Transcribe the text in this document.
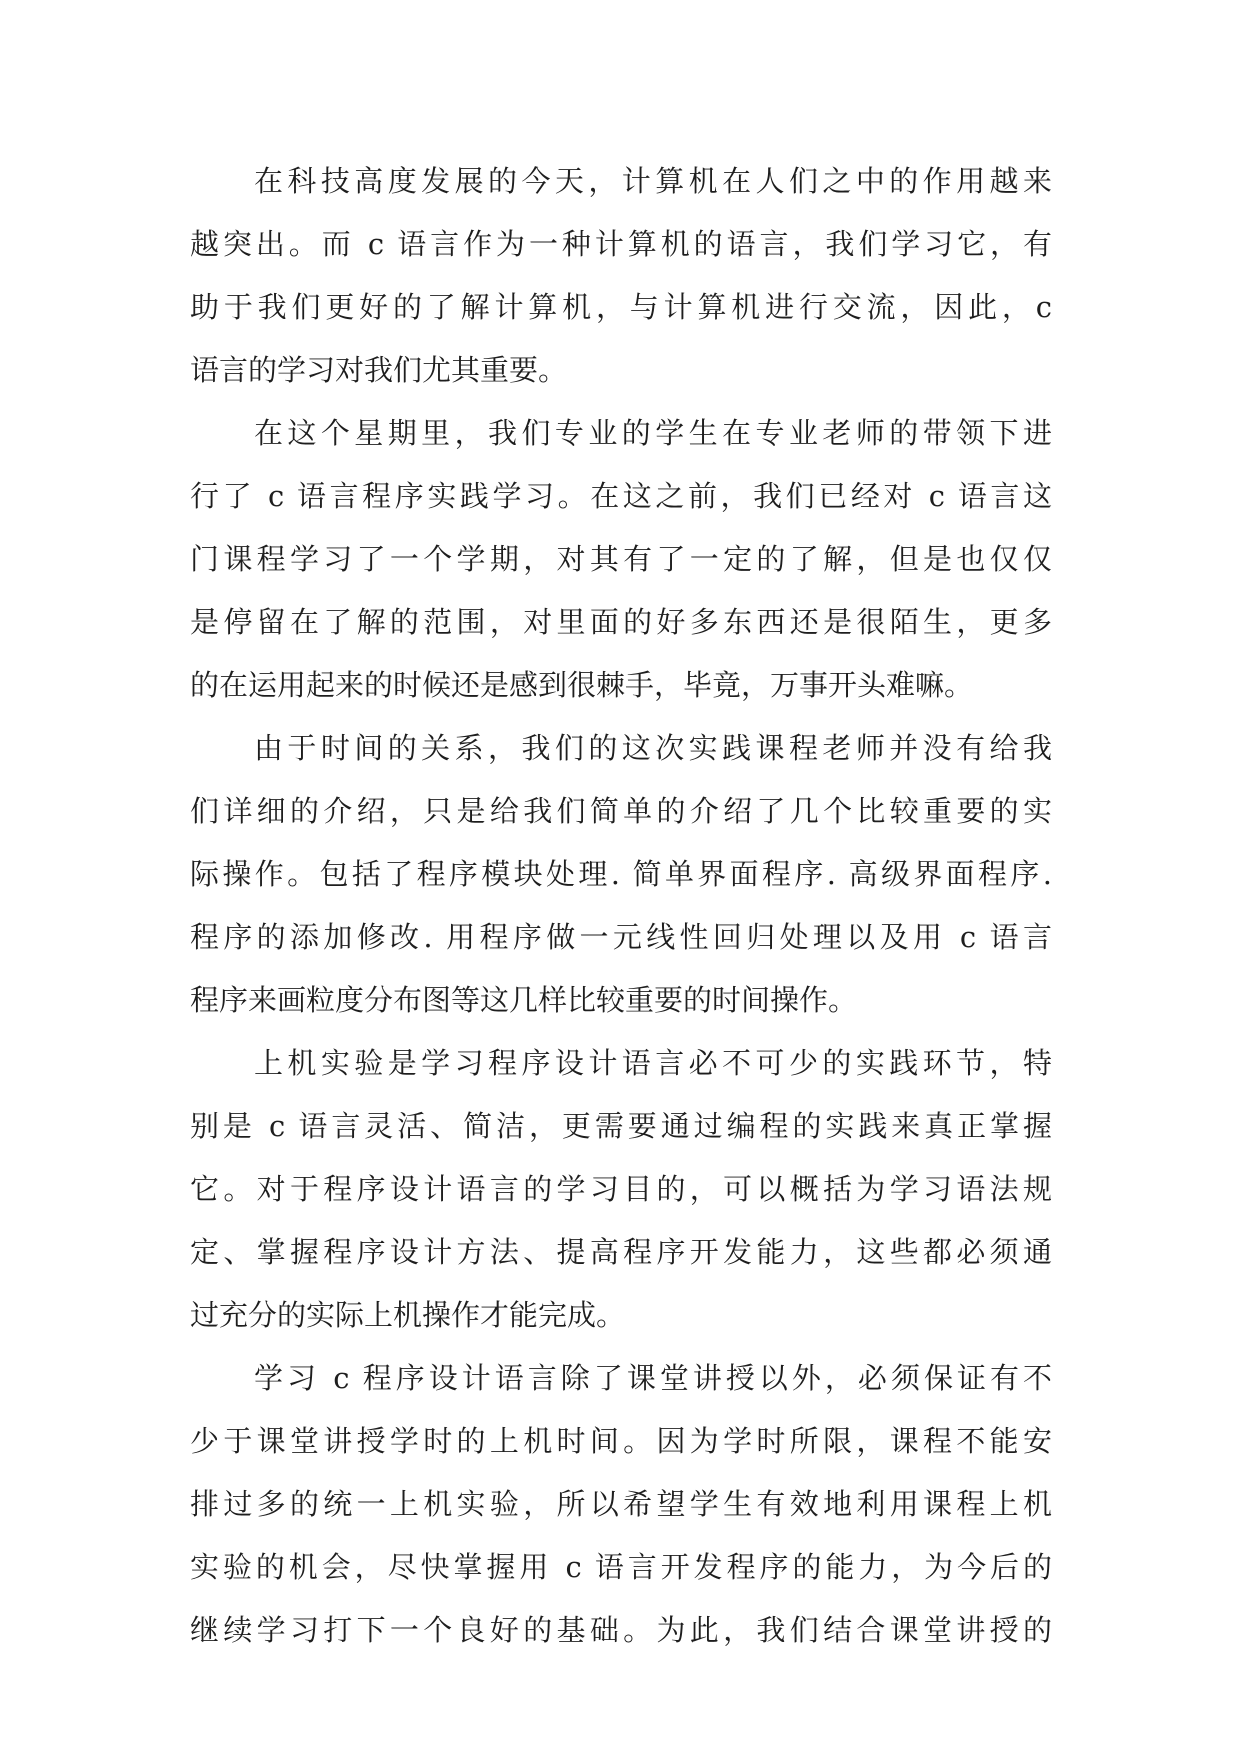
在科技高度发展的今天，计算机在人们之中的作用越来
越突出。而 c 语言作为一种计算机的语言，我们学习它，有
助于我们更好的了解计算机，与计算机进行交流，因此，c
语言的学习对我们尤其重要。
在这个星期里，我们专业的学生在专业老师的带领下进
行了 c 语言程序实践学习。在这之前，我们已经对 c 语言这
门课程学习了一个学期，对其有了一定的了解，但是也仅仅
是停留在了解的范围，对里面的好多东西还是很陌生，更多
的在运用起来的时候还是感到很棘手，毕竟，万事开头难嘛。
由于时间的关系，我们的这次实践课程老师并没有给我
们详细的介绍，只是给我们简单的介绍了几个比较重要的实
际操作。包括了程序模块处理. 简单界面程序. 高级界面程序.
程序的添加修改. 用程序做一元线性回归处理以及用 c 语言
程序来画粒度分布图等这几样比较重要的时间操作。
上机实验是学习程序设计语言必不可少的实践环节，特
别是 c 语言灵活、简洁，更需要通过编程的实践来真正掌握
它。对于程序设计语言的学习目的，可以概括为学习语法规
定、掌握程序设计方法、提高程序开发能力，这些都必须通
过充分的实际上机操作才能完成。
学习 c 程序设计语言除了课堂讲授以外，必须保证有不
少于课堂讲授学时的上机时间。因为学时所限，课程不能安
排过多的统一上机实验，所以希望学生有效地利用课程上机
实验的机会，尽快掌握用 c 语言开发程序的能力，为今后的
继续学习打下一个良好的基础。为此，我们结合课堂讲授的
